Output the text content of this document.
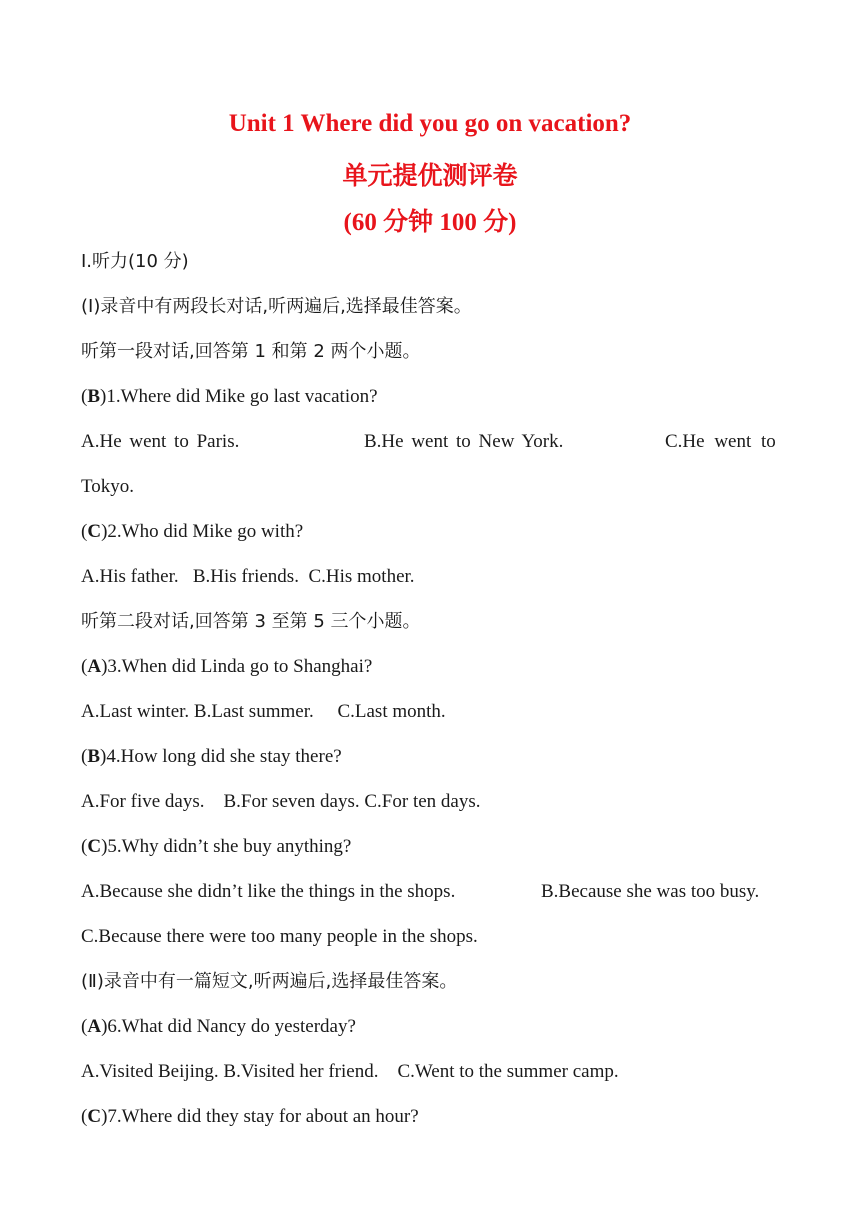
Unit 1 Where did you go on vacation?
单元提优测评卷
(60 分钟 100 分)
Ⅰ.听力(10 分)
(Ⅰ)录音中有两段长对话,听两遍后,选择最佳答案。
听第一段对话,回答第 1 和第 2 两个小题。
(B)1.Where did Mike go last vacation?
A.He went to Paris.	B.He went to New York.	C.He went to
Tokyo.
(C)2.Who did Mike go with?
A.His father.   B.His friends.  C.His mother.
听第二段对话,回答第 3 至第 5 三个小题。
(A)3.When did Linda go to Shanghai?
A.Last winter. B.Last summer.     C.Last month.
(B)4.How long did she stay there?
A.For five days.    B.For seven days. C.For ten days.
(C)5.Why didn’t she buy anything?
A.Because she didn’t like the things in the shops.	B.Because she was too busy.
C.Because there were too many people in the shops.
(Ⅱ)录音中有一篇短文,听两遍后,选择最佳答案。
(A)6.What did Nancy do yesterday?
A.Visited Beijing. B.Visited her friend.    C.Went to the summer camp.
(C)7.Where did they stay for about an hour?
